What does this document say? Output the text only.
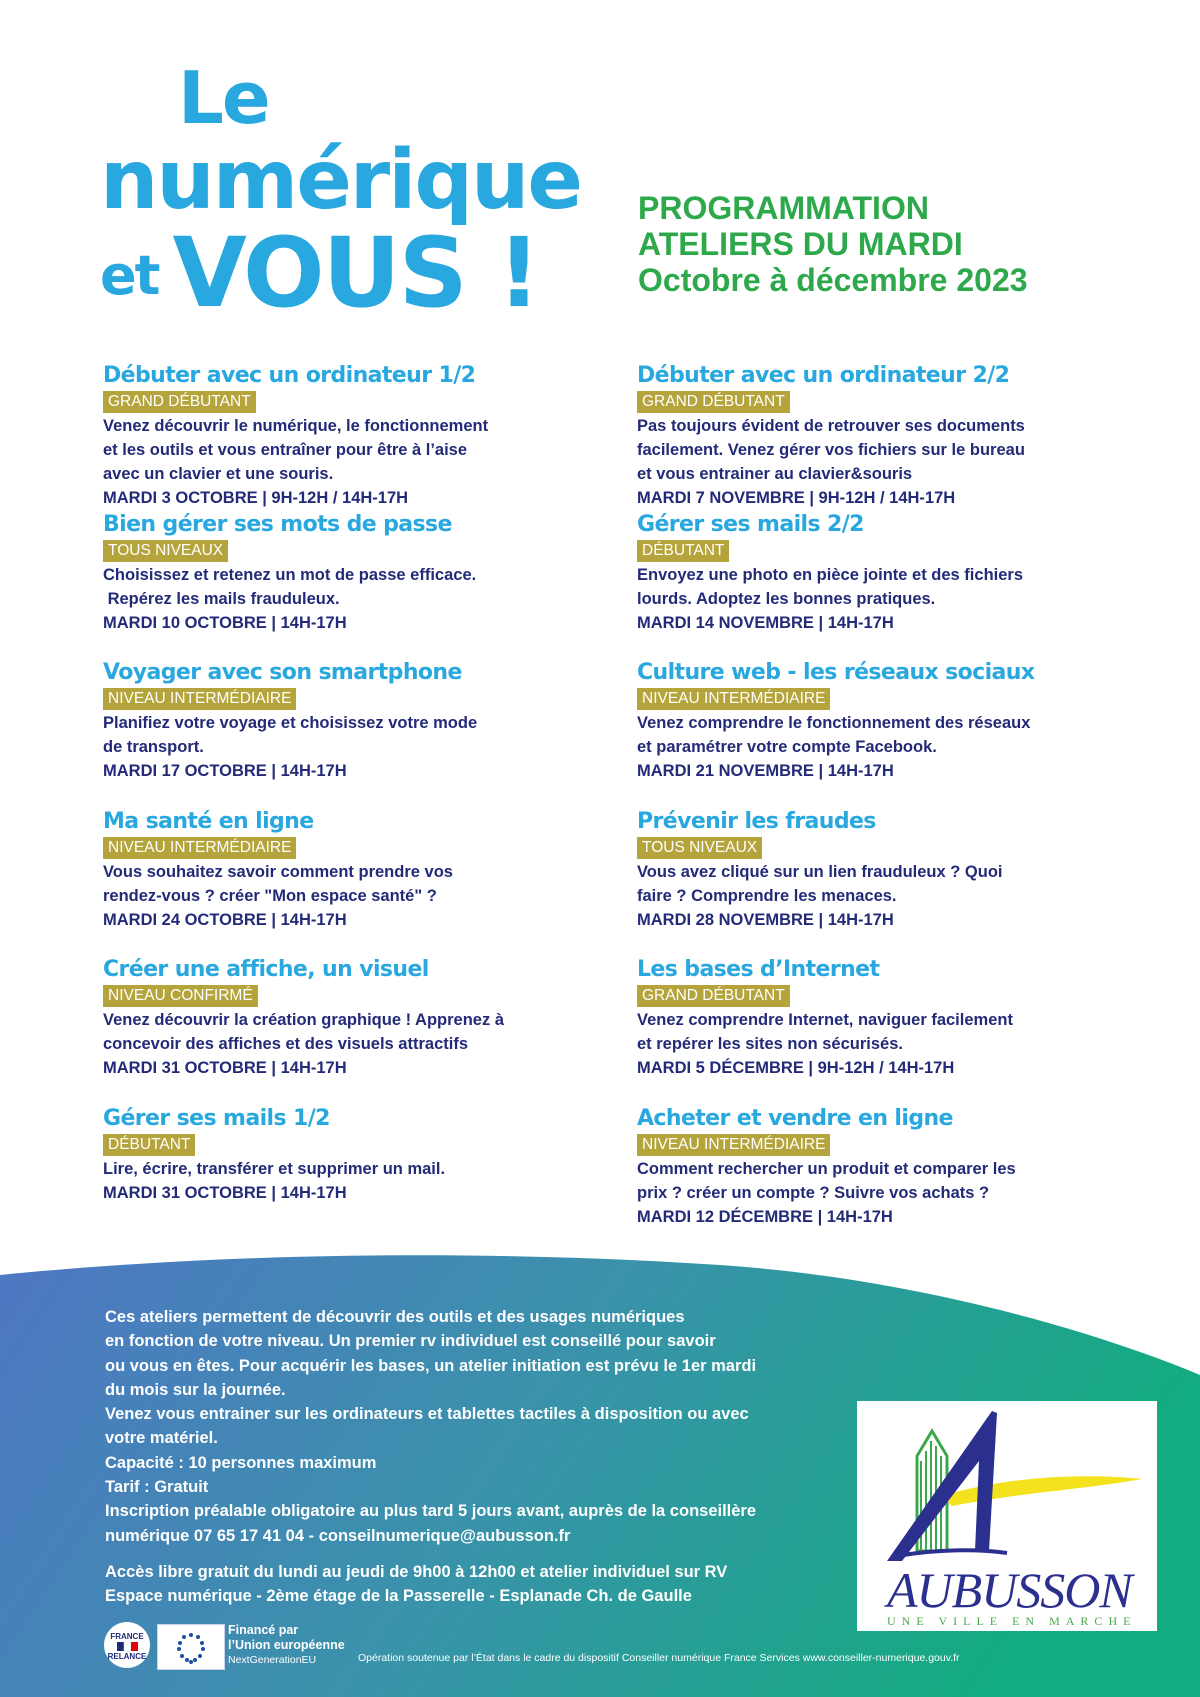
Le
numérique
et VOUS !
PROGRAMMATION
ATELIERS DU MARDI
Octobre à décembre 2023
Débuter avec un ordinateur 1/2
GRAND DÉBUTANT
Venez découvrir le numérique, le fonctionnement
et les outils et vous entraîner pour être à l’aise
avec un clavier et une souris.
MARDI 3 OCTOBRE | 9H-12H / 14H-17H
Bien gérer ses mots de passe
TOUS NIVEAUX
Choisissez et retenez un mot de passe efficace.
Repérez les mails frauduleux.
MARDI 10 OCTOBRE | 14H-17H
Voyager avec son smartphone
NIVEAU INTERMÉDIAIRE
Planifiez votre voyage et choisissez votre mode
de transport.
MARDI 17 OCTOBRE | 14H-17H
Ma santé en ligne
NIVEAU INTERMÉDIAIRE
Vous souhaitez savoir comment prendre vos
rendez-vous ? créer "Mon espace santé" ?
MARDI 24 OCTOBRE | 14H-17H
Créer une affiche, un visuel
NIVEAU CONFIRMÉ
Venez découvrir la création graphique ! Apprenez à
concevoir des affiches et des visuels attractifs
MARDI 31 OCTOBRE | 14H-17H
Gérer ses mails 1/2
DÉBUTANT
Lire, écrire, transférer et supprimer un mail.
MARDI 31 OCTOBRE | 14H-17H
Débuter avec un ordinateur 2/2
GRAND DÉBUTANT
Pas toujours évident de retrouver ses documents
facilement. Venez gérer vos fichiers sur le bureau
et vous entrainer au clavier&souris
MARDI 7 NOVEMBRE | 9H-12H / 14H-17H
Gérer ses mails 2/2
DÉBUTANT
Envoyez une photo en pièce jointe et des fichiers
lourds. Adoptez les bonnes pratiques.
MARDI 14 NOVEMBRE | 14H-17H
Culture web - les réseaux sociaux
NIVEAU INTERMÉDIAIRE
Venez comprendre le fonctionnement des réseaux
et paramétrer votre compte Facebook.
MARDI 21 NOVEMBRE | 14H-17H
Prévenir les fraudes
TOUS NIVEAUX
Vous avez cliqué sur un lien frauduleux ? Quoi
faire ? Comprendre les menaces.
MARDI 28 NOVEMBRE | 14H-17H
Les bases d’Internet
GRAND DÉBUTANT
Venez comprendre Internet, naviguer facilement
et repérer les sites non sécurisés.
MARDI 5 DÉCEMBRE | 9H-12H / 14H-17H
Acheter et vendre en ligne
NIVEAU INTERMÉDIAIRE
Comment rechercher un produit et comparer les
prix ? créer un compte ? Suivre vos achats ?
MARDI 12 DÉCEMBRE | 14H-17H
Ces ateliers permettent de découvrir des outils et des usages numériques
en fonction de votre niveau. Un premier rv individuel est conseillé pour savoir
ou vous en êtes. Pour acquérir les bases, un atelier initiation est prévu le 1er mardi
du mois sur la journée.
Venez vous entrainer sur les ordinateurs et tablettes tactiles à disposition ou avec
votre matériel.
Capacité : 10 personnes maximum
Tarif : Gratuit
Inscription préalable obligatoire au plus tard 5 jours avant, auprès de la conseillère
numérique 07 65 17 41 04 - conseilnumerique@aubusson.fr
Accès libre gratuit du lundi au jeudi de 9h00 à 12h00 et atelier individuel sur RV
Espace numérique - 2ème étage de la Passerelle - Esplanade Ch. de Gaulle	AUBUSSON
UNE VILLE EN MARCHE
FRANCE
RELANCE
Financé par
l’Union européenne
NextGenerationEU	Opération soutenue par l’État dans le cadre du dispositif Conseiller numérique France Services www.conseiller-numerique.gouv.fr
